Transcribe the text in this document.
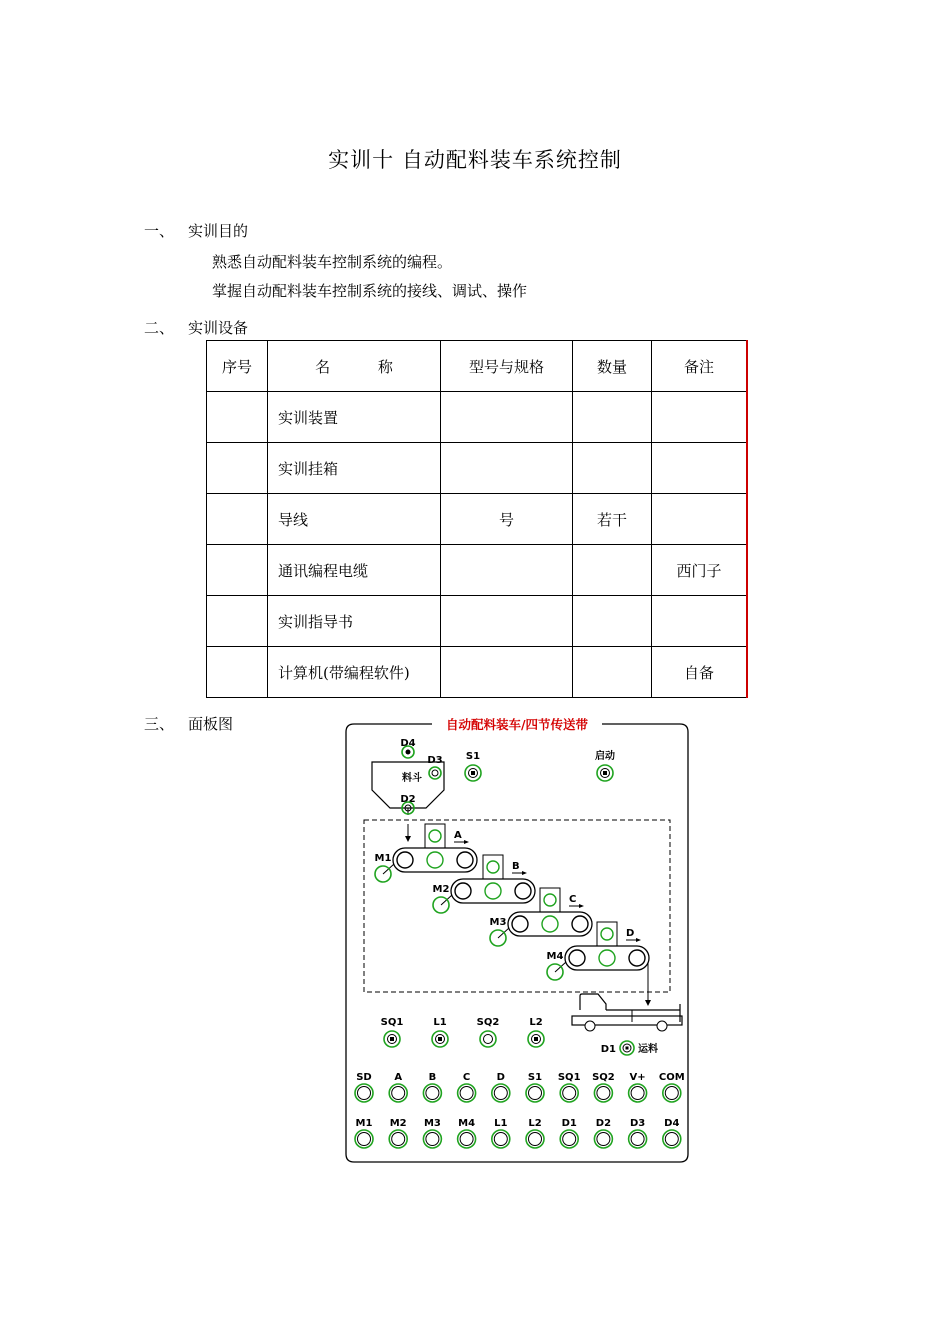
实训十 自动配料装车系统控制
一、 实训目的
熟悉自动配料装车控制系统的编程。
掌握自动配料装车控制系统的接线、调试、操作
二、 实训设备
序号	名          称	型号与规格	数量	备注
	实训装置			
	实训挂箱			
	导线	号	若干	
	通讯编程电缆			西门子
	实训指导书			
	计算机(带编程软件)			自备
三、 面板图	自动配料装车/四节传送带
料斗
D4
D3
D2
S1	启动
A
M1
B
M2
C
M3
D
M4
D1 运料
SQ1	L1	SQ2	L2
SD A	B	C	D S1 SQ1 SQ2 V+ COM
M1 M2 M3 M4 L1 L2 D1 D2 D3 D4
